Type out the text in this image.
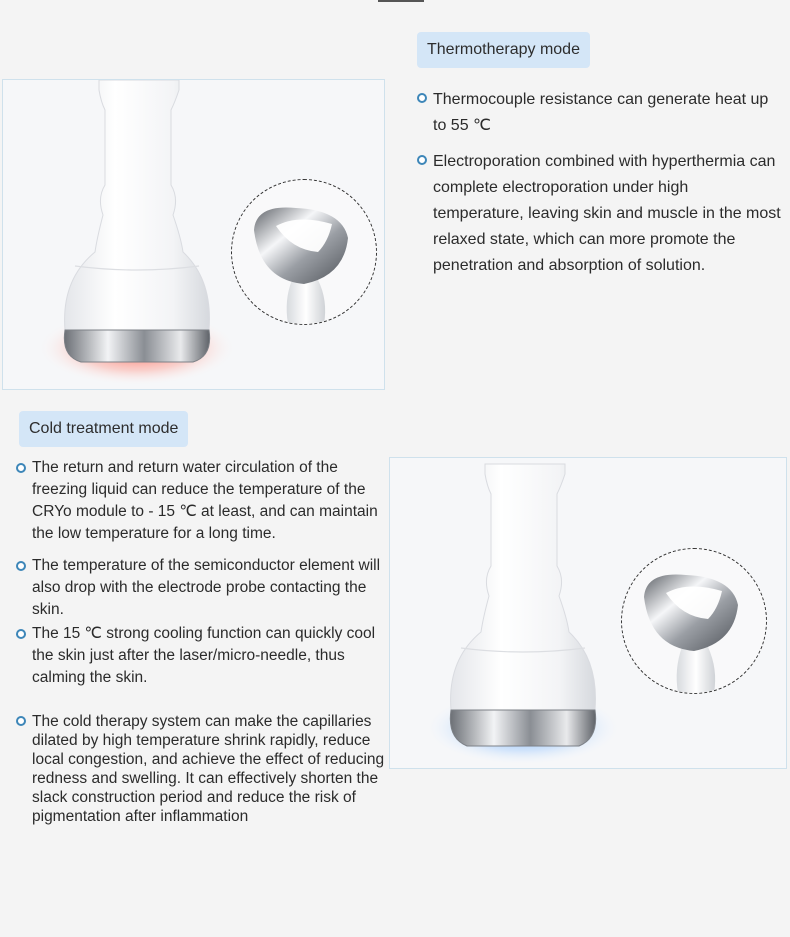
Thermotherapy mode
Thermocouple resistance can generate heat up to 55 ℃
Electroporation combined with hyperthermia can complete electroporation under high temperature, leaving skin and muscle in the most relaxed state, which can more promote the penetration and absorption of solution.
Cold treatment mode
The return and return water circulation of the freezing liquid can reduce the temperature of the CRYo module to - 15 ℃ at least, and can maintain the low temperature for a long time.
The temperature of the semiconductor element will also drop with the electrode probe contacting the skin.
The 15 ℃ strong cooling function can quickly cool the skin just after the laser/micro-needle, thus calming the skin.
The cold therapy system can make the capillaries dilated by high temperature shrink rapidly, reduce local congestion, and achieve the effect of reducing redness and swelling. It can effectively shorten the slack construction period and reduce the risk of pigmentation after inflammation
